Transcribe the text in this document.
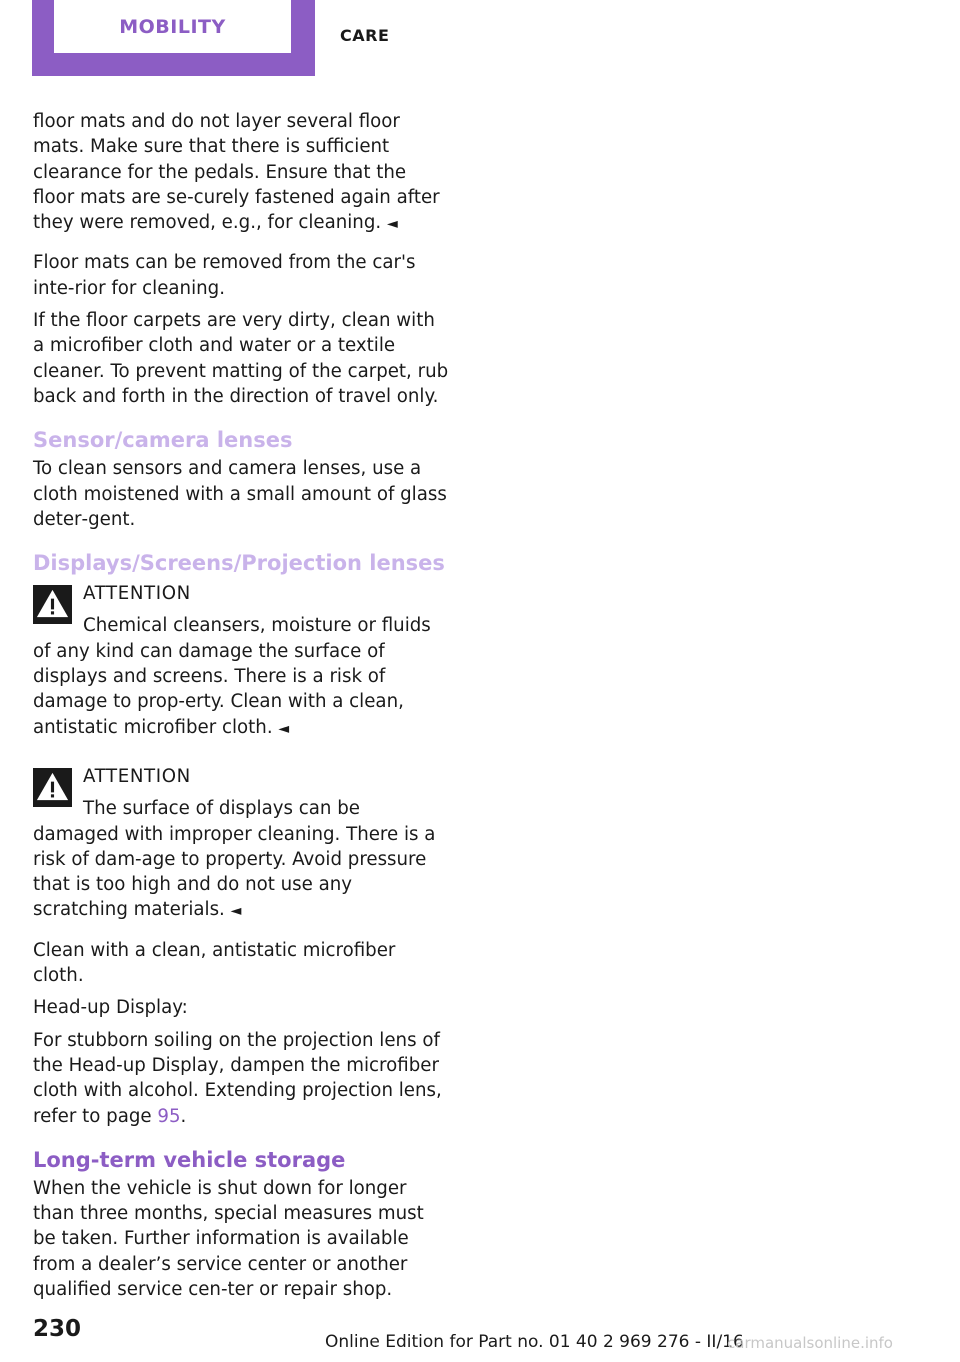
MOBILITY	CARE

floor mats and do not layer several floor mats. Make sure that there is sufficient clearance for the pedals. Ensure that the floor mats are se‐curely fastened again after they were removed, e.g., for cleaning. ◄

Floor mats can be removed from the car's inte‐rior for cleaning.

If the floor carpets are very dirty, clean with a microfiber cloth and water or a textile cleaner. To prevent matting of the carpet, rub back and forth in the direction of travel only.

Sensor/camera lenses

To clean sensors and camera lenses, use a cloth moistened with a small amount of glass deter‐gent.

Displays/Screens/Projection lenses
ATTENTION
Chemical cleansers, moisture or fluids of any kind can damage the surface of displays and screens. There is a risk of damage to prop‐erty. Clean with a clean, antistatic microfiber cloth. ◄
ATTENTION
The surface of displays can be damaged with improper cleaning. There is a risk of dam‐age to property. Avoid pressure that is too high and do not use any scratching materials. ◄

Clean with a clean, antistatic microfiber cloth.

Head-up Display:

For stubborn soiling on the projection lens of the Head-up Display, dampen the microfiber cloth with alcohol. Extending projection lens, refer to page 95.

Long-term vehicle storage

When the vehicle is shut down for longer than three months, special measures must be taken. Further information is available from a dealer’s service center or another qualified service cen‐ter or repair shop.

230	Online Edition for Part no. 01 40 2 969 276 - II/16
carmanualsonline.info
